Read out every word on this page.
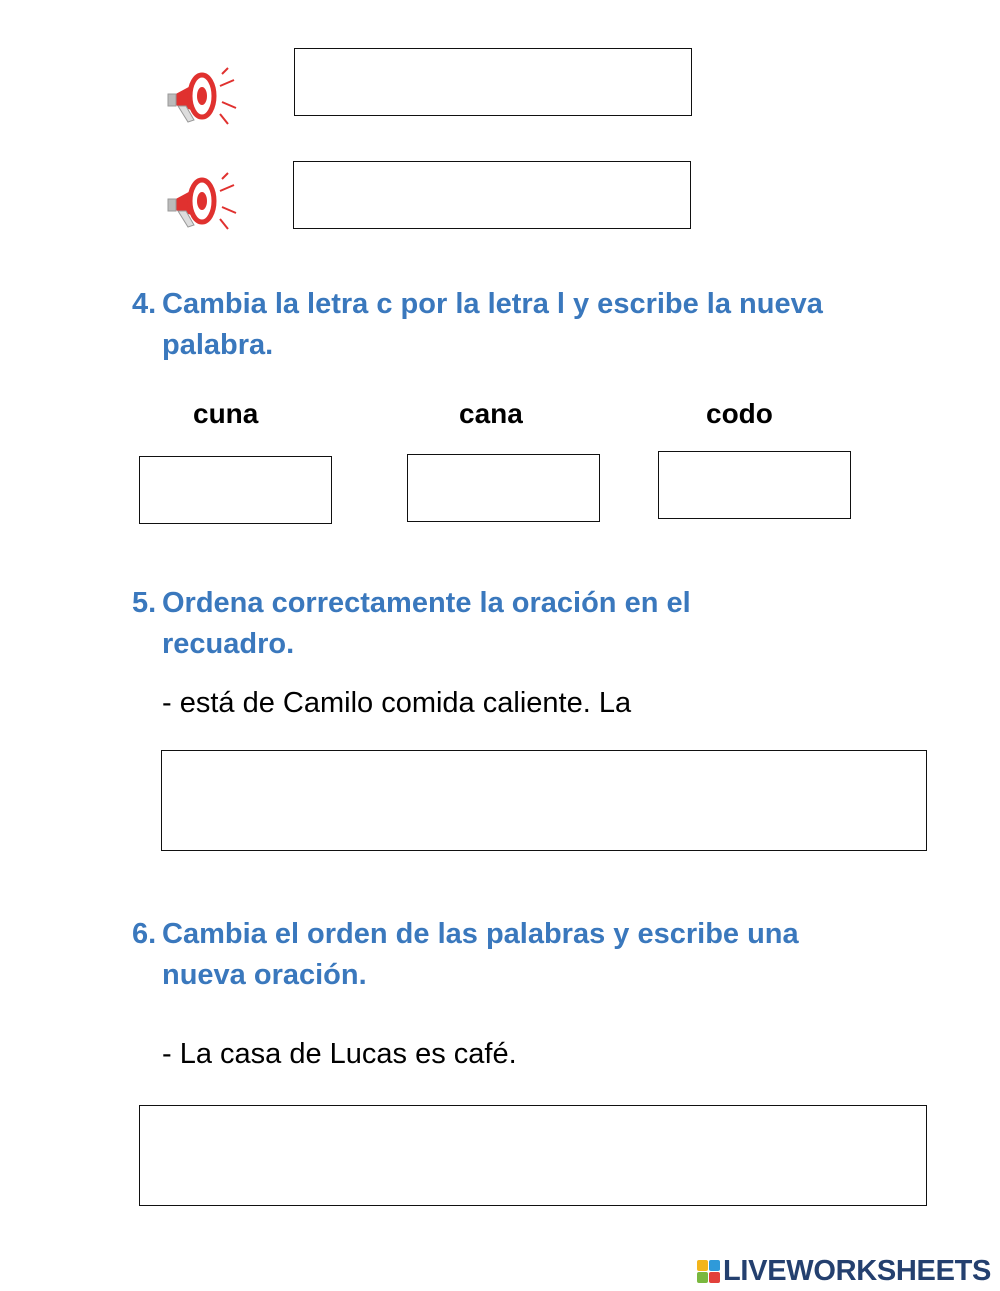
4. Cambia la letra c por la letra l y escribe la nueva
palabra.
cuna	cana	codo
5. Ordena correctamente la oración en el
recuadro.
- está de Camilo comida caliente. La
6. Cambia el orden de las palabras y escribe una
nueva oración.
- La casa de Lucas es café.
LIVEWORKSHEETS
